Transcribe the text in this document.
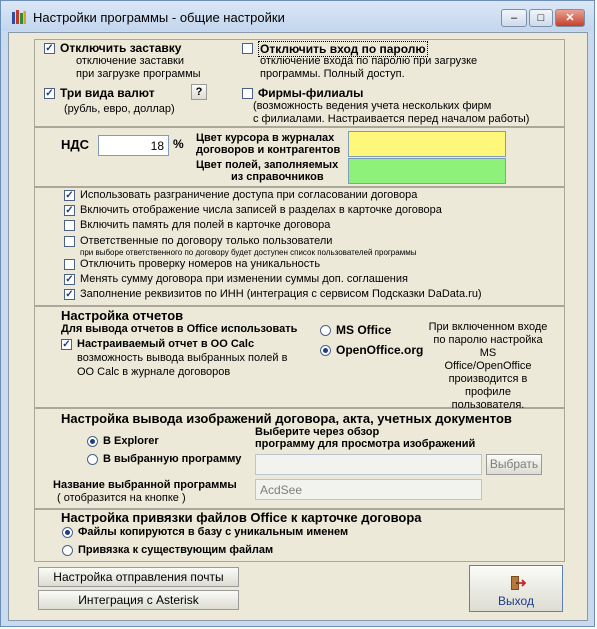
Настройки программы - общие настройки	–	□	✕
✓ Отключить заставку
отключение заставки
при загрузке программы
Отключить вход по паролю
отключение входа по паролю при загрузке
программы. Полный доступ.
✓ Три вида валют	?
(рубль, евро, доллар)
Фирмы-филиалы
(возможность ведения учета нескольких фирм
с филиалами. Настраивается перед началом работы)
НДС	18 % Цвет курсора в журналах
договоров и контрагентов
Цвет полей, заполняемых
из справочников
✓ Использовать разграничение доступа при согласовании договора
✓ Включить отображение числа записей в разделах в карточке договора
Включить память для полей в карточке договора
Ответственные по договору только пользователи
при выборе ответственного по договору будет доступен список пользователей программы
Отключить проверку номеров на уникальность
✓ Менять сумму договора при изменении суммы доп. соглашения
✓ Заполнение реквизитов по ИНН (интеграция с сервисом Подсказки DaData.ru)
Настройка отчетов
Для вывода отчетов в Office использовать	MS Office
OpenOffice.org
✓ Настраиваемый отчет в OO Calc
возможность вывода выбранных полей в
OO Calc в журнале договоров
При включенном входе
по паролю настройка MS
Office/OpenOffice
производится в профиле
пользователя.
Настройка вывода изображений договора, акта, учетных документов
В Explorer
В выбранную программу
Выберите через обзор
программу для просмотра изображений
Выбрать
Название выбранной программы
( отобразится на кнопке )
AcdSee
Настройка привязки файлов Office к карточке договора
Файлы копируются в базу с уникальным именем
Привязка к существующим файлам
Настройка отправления почты
Интеграция с Asterisk	Выход
